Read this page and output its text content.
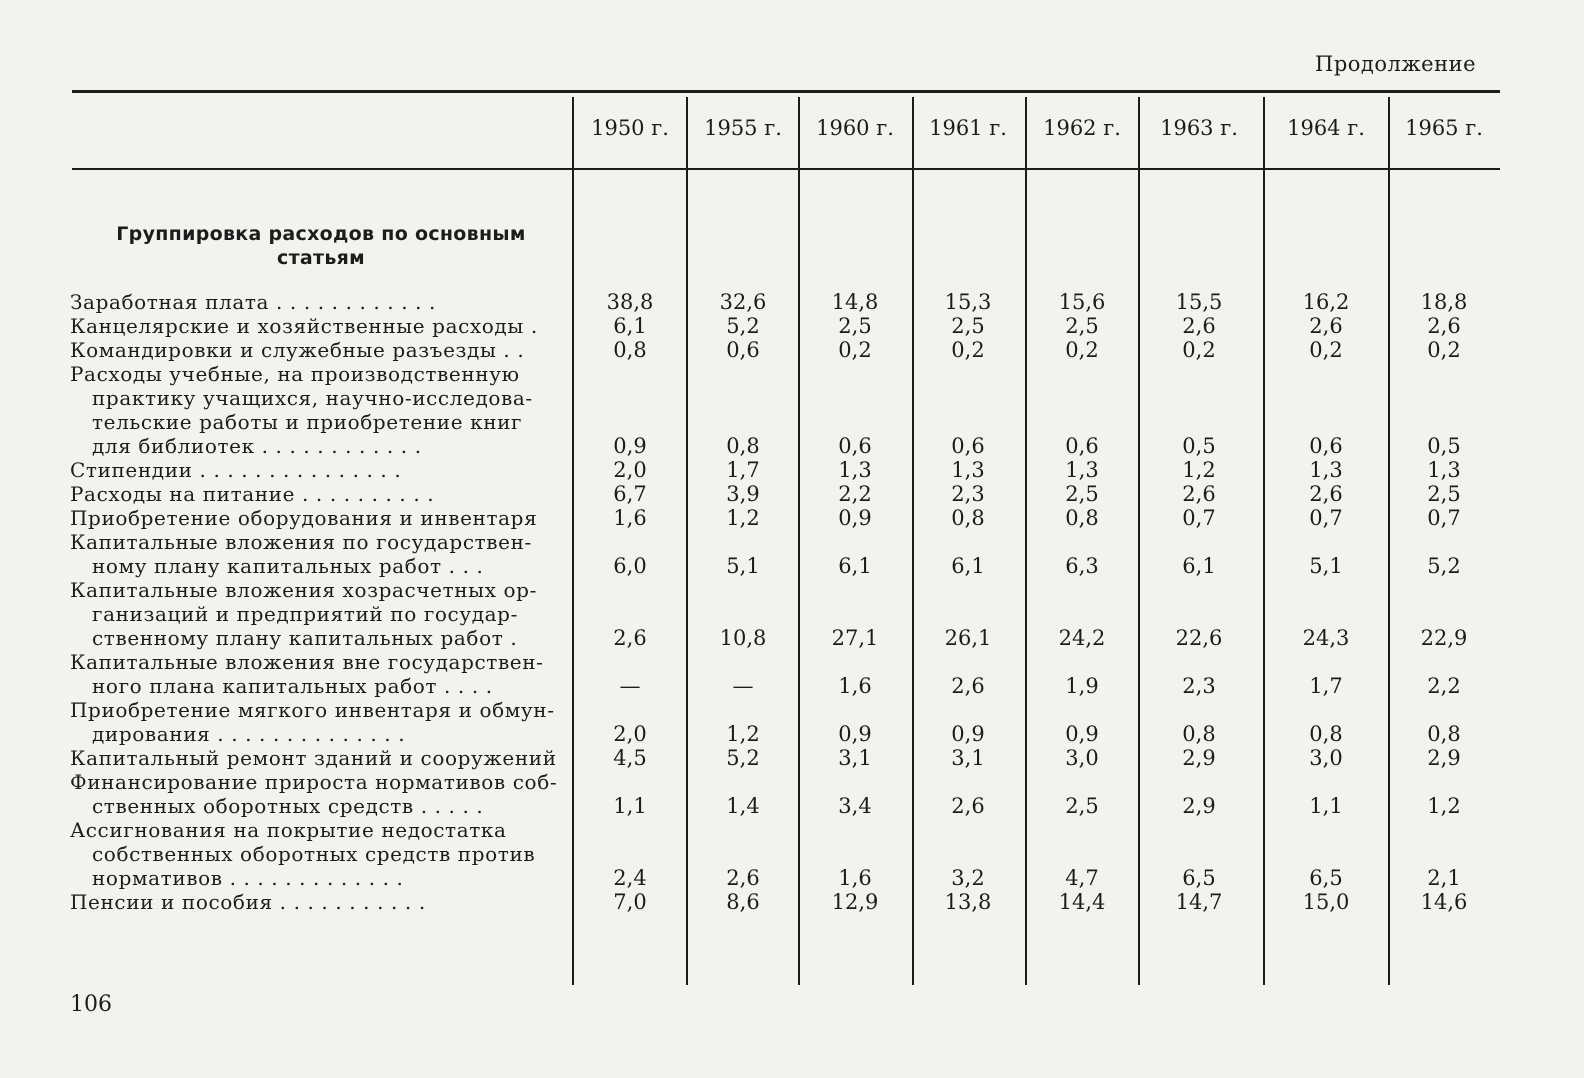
Продолжение
1950 г.	1955 г.	1960 г.	1961 г.	1962 г.	1963 г.	1964 г.	1965 г.
Группировка расходов по основным статьям
Заработная плата . . . . . . . . . . . .	38,8	32,6	14,8	15,3	15,6	15,5	16,2	18,8
Канцелярские и хозяйственные расходы .	6,1	5,2	2,5	2,5	2,5	2,6	2,6	2,6
Командировки и служебные разъезды . .	0,8	0,6	0,2	0,2	0,2	0,2	0,2	0,2
Расходы учебные, на производственную
практику учащихся, научно-исследова-
тельские работы и приобретение книг
для библиотек . . . . . . . . . . . .	0,9	0,8	0,6	0,6	0,6	0,5	0,6	0,5
Стипендии . . . . . . . . . . . . . . .	2,0	1,7	1,3	1,3	1,3	1,2	1,3	1,3
Расходы на питание . . . . . . . . . .	6,7	3,9	2,2	2,3	2,5	2,6	2,6	2,5
Приобретение оборудования и инвентаря	1,6	1,2	0,9	0,8	0,8	0,7	0,7	0,7
Капитальные вложения по государствен-
ному плану капитальных работ . . .	6,0	5,1	6,1	6,1	6,3	6,1	5,1	5,2
Капитальные вложения хозрасчетных ор-
ганизаций и предприятий по государ-
ственному плану капитальных работ .	2,6	10,8	27,1	26,1	24,2	22,6	24,3	22,9
Капитальные вложения вне государствен-
ного плана капитальных работ . . . .	—	—	1,6	2,6	1,9	2,3	1,7	2,2
Приобретение мягкого инвентаря и обмун-
дирования . . . . . . . . . . . . . .	2,0	1,2	0,9	0,9	0,9	0,8	0,8	0,8
Капитальный ремонт зданий и сооружений	4,5	5,2	3,1	3,1	3,0	2,9	3,0	2,9
Финансирование прироста нормативов соб-
ственных оборотных средств . . . . .	1,1	1,4	3,4	2,6	2,5	2,9	1,1	1,2
Ассигнования на покрытие недостатка
собственных оборотных средств против
нормативов . . . . . . . . . . . . .	2,4	2,6	1,6	3,2	4,7	6,5	6,5	2,1
Пенсии и пособия . . . . . . . . . . .	7,0	8,6	12,9	13,8	14,4	14,7	15,0	14,6
106
